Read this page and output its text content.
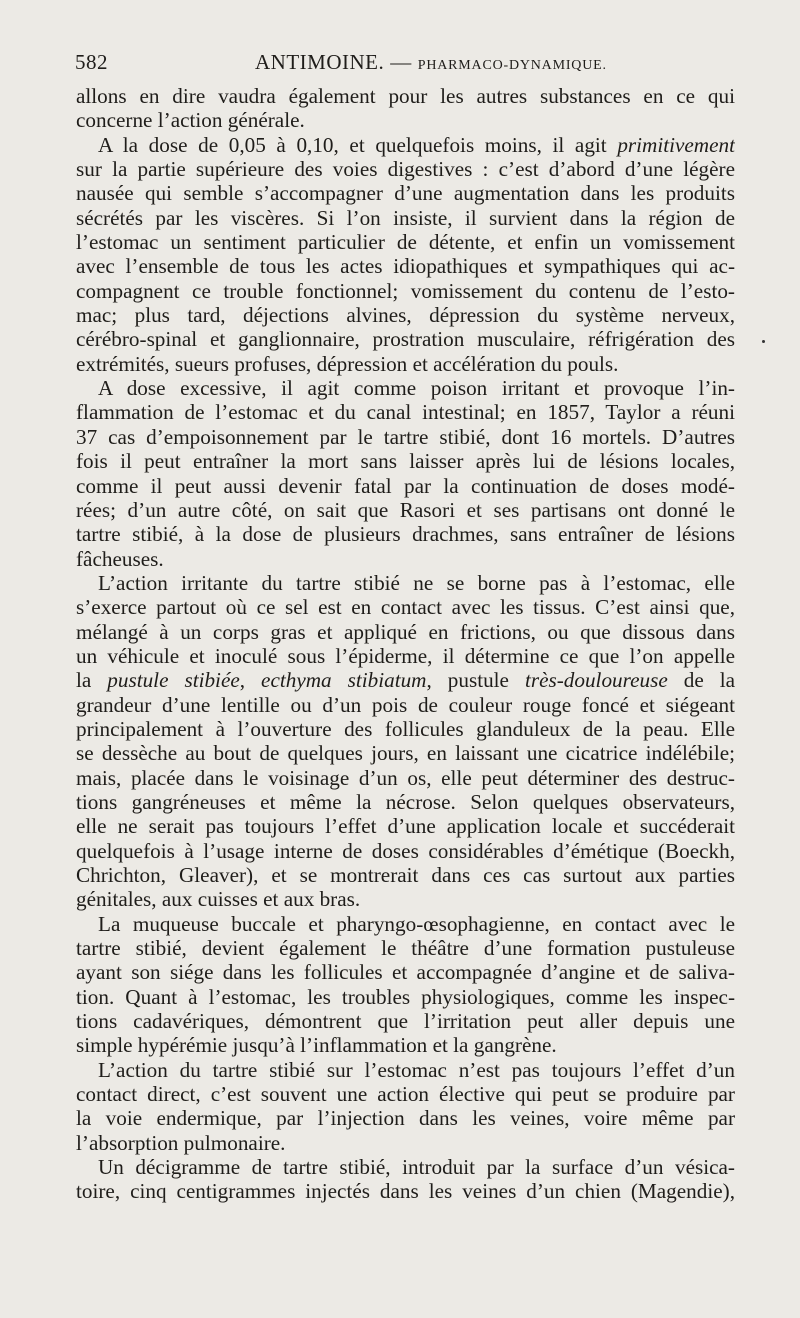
582	ANTIMOINE. — PHARMACO-DYNAMIQUE.
allons en dire vaudra également pour les autres substances en ce qui
concerne l’action générale.
A la dose de 0,05 à 0,10, et quelquefois moins, il agit primitivement
sur la partie supérieure des voies digestives : c’est d’abord d’une légère
nausée qui semble s’accompagner d’une augmentation dans les produits
sécrétés par les viscères. Si l’on insiste, il survient dans la région de
l’estomac un sentiment particulier de détente, et enfin un vomissement
avec l’ensemble de tous les actes idiopathiques et sympathiques qui ac-
compagnent ce trouble fonctionnel; vomissement du contenu de l’esto-
mac; plus tard, déjections alvines, dépression du système nerveux,
cérébro-spinal et ganglionnaire, prostration musculaire, réfrigération des
extrémités, sueurs profuses, dépression et accélération du pouls.
A dose excessive, il agit comme poison irritant et provoque l’in-
flammation de l’estomac et du canal intestinal; en 1857, Taylor a réuni
37 cas d’empoisonnement par le tartre stibié, dont 16 mortels. D’autres
fois il peut entraîner la mort sans laisser après lui de lésions locales,
comme il peut aussi devenir fatal par la continuation de doses modé-
rées; d’un autre côté, on sait que Rasori et ses partisans ont donné le
tartre stibié, à la dose de plusieurs drachmes, sans entraîner de lésions
fâcheuses.
L’action irritante du tartre stibié ne se borne pas à l’estomac, elle
s’exerce partout où ce sel est en contact avec les tissus. C’est ainsi que,
mélangé à un corps gras et appliqué en frictions, ou que dissous dans
un véhicule et inoculé sous l’épiderme, il détermine ce que l’on appelle
la pustule stibiée, ecthyma stibiatum, pustule très-douloureuse de la
grandeur d’une lentille ou d’un pois de couleur rouge foncé et siégeant
principalement à l’ouverture des follicules glanduleux de la peau. Elle
se dessèche au bout de quelques jours, en laissant une cicatrice indélébile;
mais, placée dans le voisinage d’un os, elle peut déterminer des destruc-
tions gangréneuses et même la nécrose. Selon quelques observateurs,
elle ne serait pas toujours l’effet d’une application locale et succéderait
quelquefois à l’usage interne de doses considérables d’émétique (Boeckh,
Chrichton, Gleaver), et se montrerait dans ces cas surtout aux parties
génitales, aux cuisses et aux bras.
La muqueuse buccale et pharyngo-œsophagienne, en contact avec le
tartre stibié, devient également le théâtre d’une formation pustuleuse
ayant son siége dans les follicules et accompagnée d’angine et de saliva-
tion. Quant à l’estomac, les troubles physiologiques, comme les inspec-
tions cadavériques, démontrent que l’irritation peut aller depuis une
simple hypérémie jusqu’à l’inflammation et la gangrène.
L’action du tartre stibié sur l’estomac n’est pas toujours l’effet d’un
contact direct, c’est souvent une action élective qui peut se produire par
la voie endermique, par l’injection dans les veines, voire même par
l’absorption pulmonaire.
Un décigramme de tartre stibié, introduit par la surface d’un vésica-
toire, cinq centigrammes injectés dans les veines d’un chien (Magendie),
